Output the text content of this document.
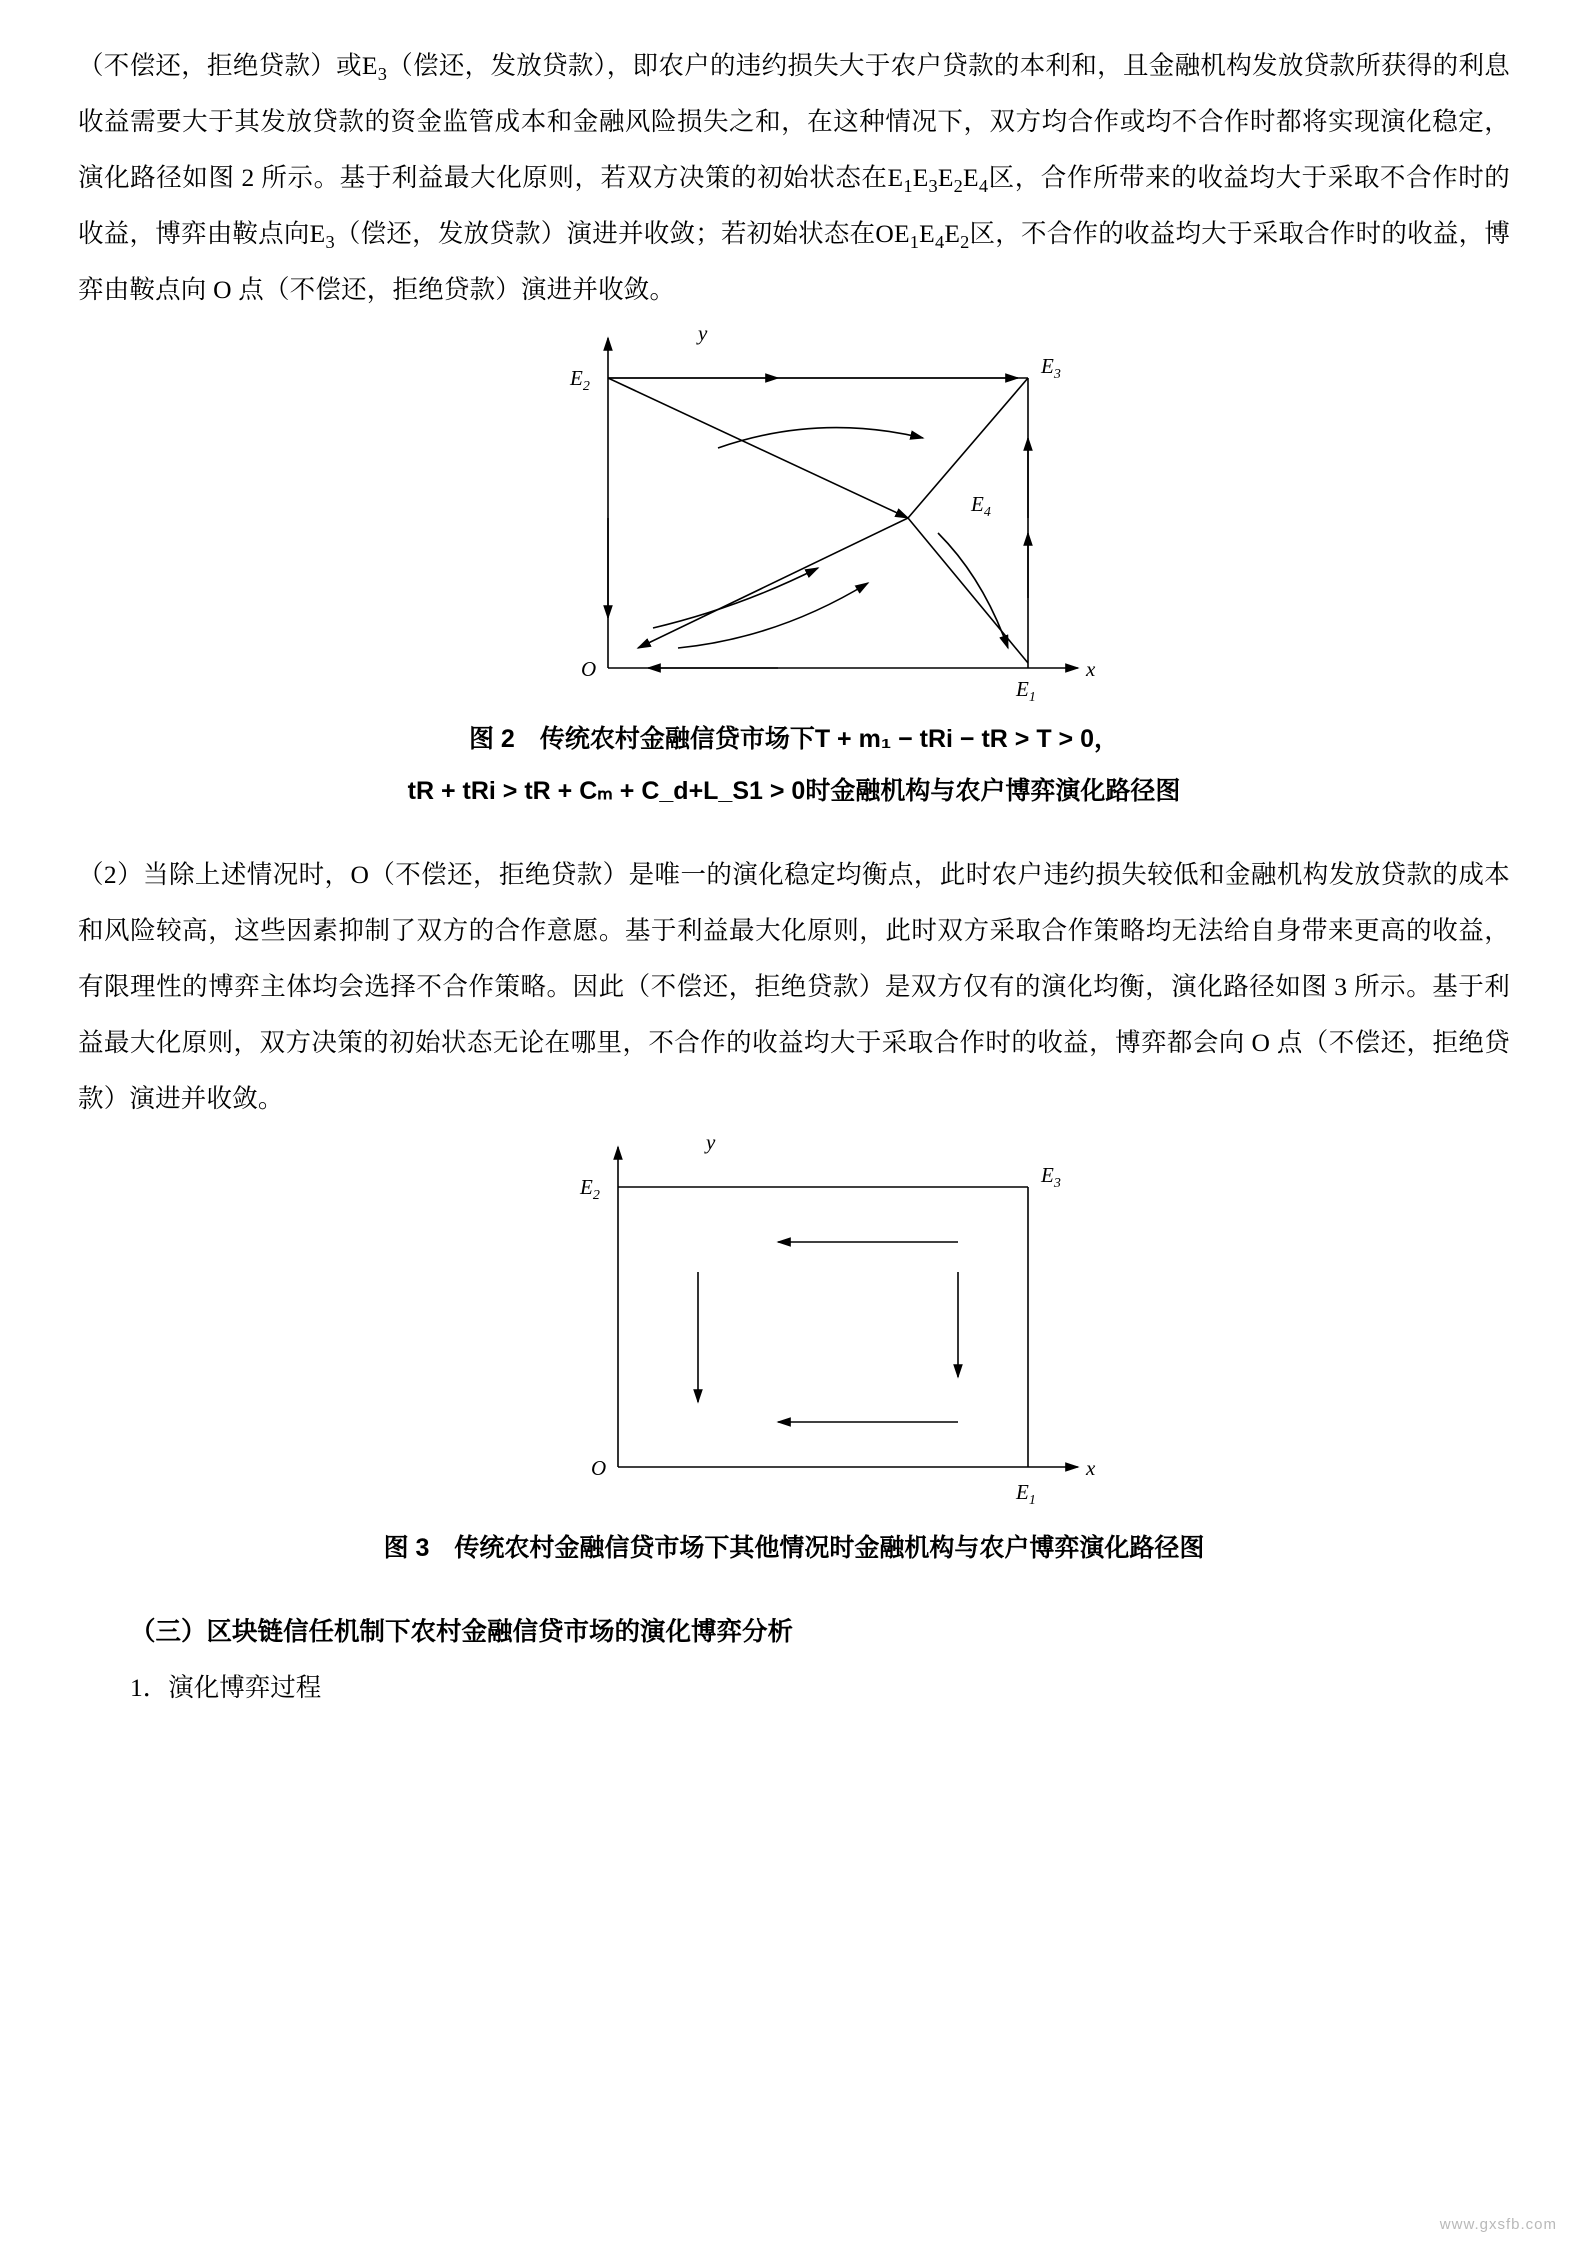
（不偿还，拒绝贷款）或$E_3$（偿还，发放贷款），即农户的违约损失大于农户贷款的本利和，且金融机构发放贷款所获得的利息收益需要大于其发放贷款的资金监管成本和金融风险损失之和，在这种情况下，双方均合作或均不合作时都将实现演化稳定，演化路径如图 2 所示。基于利益最大化原则，若双方决策的初始状态在$E_1E_3E_2E_4$区，合作所带来的收益均大于采取不合作时的收益，博弈由鞍点向$E_3$（偿还，发放贷款）演进并收敛；若初始状态在$OE_1E_4E_2$区，不合作的收益均大于采取合作时的收益，博弈由鞍点向 O 点（不偿还，拒绝贷款）演进并收敛。

O
$E_1$
$E_2$
$E_3$
$E_4$
x
y

图 2　传统农村金融信贷市场下T + m₁ − tRi − tR > T > 0，

tR + tRi > tR + Cₘ + C_d+L_S1 > 0时金融机构与农户博弈演化路径图

（2）当除上述情况时，O（不偿还，拒绝贷款）是唯一的演化稳定均衡点，此时农户违约损失较低和金融机构发放贷款的成本和风险较高，这些因素抑制了双方的合作意愿。基于利益最大化原则，此时双方采取合作策略均无法给自身带来更高的收益，有限理性的博弈主体均会选择不合作策略。因此（不偿还，拒绝贷款）是双方仅有的演化均衡，演化路径如图 3 所示。基于利益最大化原则，双方决策的初始状态无论在哪里，不合作的收益均大于采取合作时的收益，博弈都会向 O 点（不偿还，拒绝贷款）演进并收敛。

O
$E_1$
$E_2$
$E_3$
x
y

图 3　传统农村金融信贷市场下其他情况时金融机构与农户博弈演化路径图

（三）区块链信任机制下农村金融信贷市场的演化博弈分析

1．演化博弈过程

www.gxsfb.com
